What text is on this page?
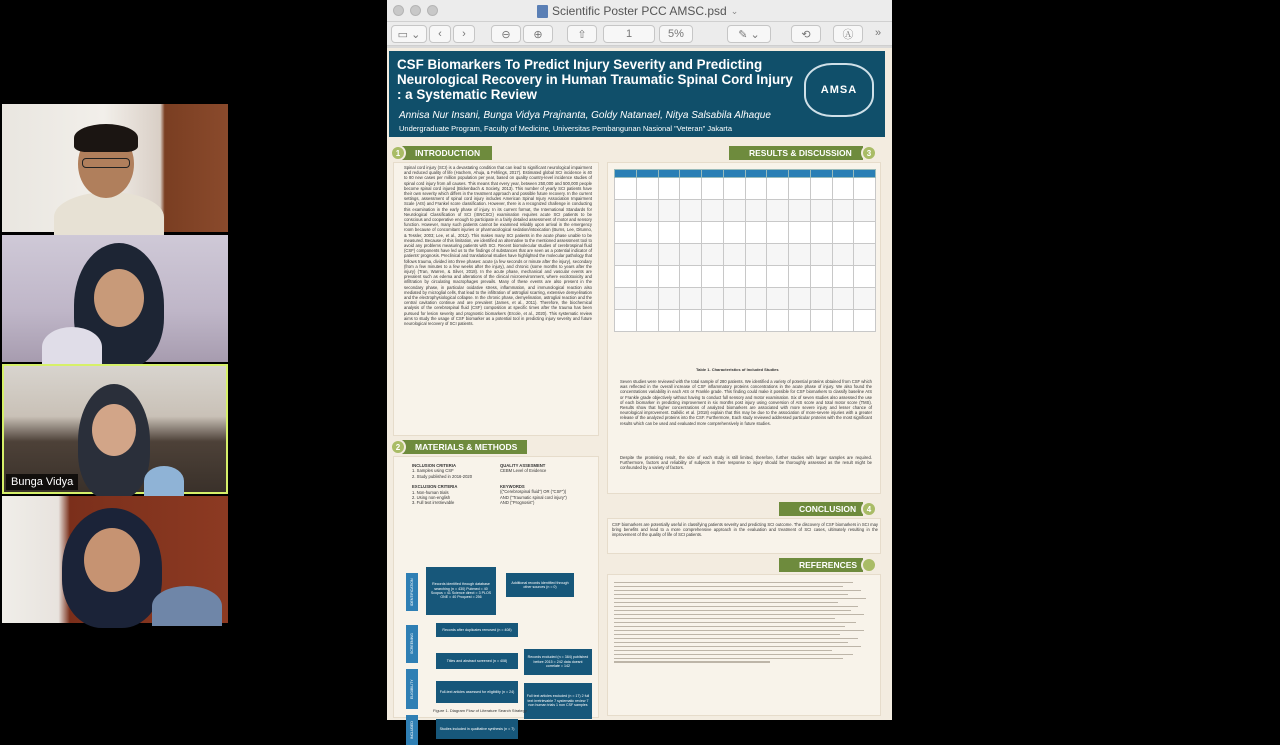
Bunga Vidya
Scientific Poster PCC AMSC.psd ⌄
▭ ⌄	‹	›	⊖	⊕	⇧	1	5%	✎ ⌄	⟲	Ⓐ	»
CSF Biomarkers To Predict Injury Severity and Predicting Neurological Recovery in Human Traumatic Spinal Cord Injury : a Systematic Review
Annisa Nur Insani, Bunga Vidya Prajnanta, Goldy Natanael, Nitya Salsabila Alhaque
Undergraduate Program, Faculty of Medicine, Universitas Pembangunan Nasional "Veteran" Jakarta
AMSA
INTRODUCTION
1
Spinal cord injury (SCI) is a devastating condition that can lead to significant neurological impairment and reduced quality of life (Hachem, Ahuja, & Fehlings, 2017). Estimated global SCI incidence is 40 to 80 new cases per million population per year, based on quality country-level incidence studies of spinal cord injury from all causes. This means that every year, between 250,000 and 500,000 people become spinal cord injured (Bickenbach & Society, 2013). This number of yearly SCI patients have their own severity which differs in the treatment approach and possible future recovery. In the current settings, assessment of spinal cord injury includes American Spinal Injury Association Impairment Scale (AIS) and Frankel score classification. However, there is a recognized challenge in conducting this examination in the early phase of injury. In its current format, the International Standards for Neurological Classification of SCI (ISNCSCI) examination requires acute SCI patients to be conscious and cooperative enough to participate in a fairly detailed assessment of motor and sensory function. However, many such patients cannot be examined reliably upon arrival in the emergency room because of concomitant injuries or pharmacological sedation/intoxication (Burns, Lee, Ditunno, & Tessler, 2003; Lee, et al., 2012). This makes many SCI patients in the acute phase unable to be measured. Because of this limitation, we identified an alternative to the mentioned assessment tool to avoid any problems measuring patients with SCI. Recent biomolecular studies of cerebrospinal fluid (CSF) components have led us to the findings of substances that are seen as a potential indicator of patients' prognosis. Preclinical and translational studies have highlighted the molecular pathology that follows trauma, divided into three phases: acute (a few seconds or minute after the injury), secondary (from a few minutes to a few weeks after the injury), and chronic (some months to years after the injury) (Tran, Warren, & Silver, 2018). In the acute phase, mechanical and vascular events are prevalent such as edema and alterations of the clinical microenvironment, where excitotoxicity and infiltration by circulating macrophages prevails. Many of these events are also present in the secondary phase, in particular oxidative stress, inflammation, and immunological reaction also mediated by microglial cells, that lead to the infiltration of astroglial scarring, extensive demyelination and the electrophysiological collapse. In the chronic phase, demyelination, astroglial reaction and the central cavitation continue and are prevalent (James, et al., 2011). Therefore, the biochemical analysis of the cerebrospinal fluid (CSF) composition at specific times after the trauma has been pursued for lesion severity and prognostic biomarkers (Ercole, et al., 2020). This systematic review aims to study the usage of CSF biomarker as a potential tool in predicting injury severity and future neurological recovery of SCI patients.
MATERIALS & METHODS
2
INCLUSION CRITERIA
1. Samples using CSF
2. Study published in 2016-2020
EXCLUSION CRITERIA
1. Non-human trials
2. Using non-english
3. Full text irretrievable
QUALITY ASSESMENT
CEBM Level of Evidence
KEYWORDS
(("Cerebrospinal fluid") OR ("CSF"))
AND ("Traumatic spinal cord injury")
AND ("Prognosis")
IDENTIFICATION
SCREENING
ELIGIBILITY
INCLUDED
Records identified through database searching (n = 430) Pubmed = 40 Scopus = 41 Science direct = 3 PLOS ONE = 40 Proquest = 256
Additional records identified through other sources (n = 0)
Records after duplicates removed (n = 408)
Titles and abstract screened (n = 408)
Records excluded (n = 384) published before 2015 = 242 data doesnt correlate = 142
Full-text articles assessed for eligibility (n = 24)
Full text articles excluded (n = 17) 2 full text irretrievable 7 systematic review 7 non human trials 1 non CSF samples
Studies included in qualitative synthesis (n = 7)
Figure 1. Diagram Flow of Literature Search Strategy
RESULTS & DISCUSSION	3

Table 1. Characteristics of Included Studies
Seven studies were reviewed with the total sample of 280 patients. We identified a variety of potential proteins obtained from CSF which was reflected in the overall increase of CSF inflammatory proteins concentrations in the acute phase of injury. We also found the concentrations variability in each AIS or Frankle grade. This finding could make it possible for CSF biomarkers to classify baseline AIS or Frankle grade objectively without having to conduct full sensory and motor examination. Six of seven studies also assessed the use of each biomarker in predicting improvement in six months post injury using conversion of AIS score and total motor score (TMS). Results show that higher concentrations of analyzed biomarkers are associated with more severe injury and lesser chance of neurological improvement. Dalkilic et al. (2018) explain that this may be due to the association of more-severe injuries with a greater release of the analyzed proteins into the CSF. Furthermore, Each study reviewed addressed particular proteins with the most significant results which can be used and evaluated more comprehensively in future studies.
Despite the promising result, the size of each study is still limited, therefore, further studies with larger samples are required. Furthermore, factors and reliability of subjects in their response to injury should be thoroughly assessed as the result might be confounded by a variety of factors.
CONCLUSION	4
CSF biomarkers are potentially useful in classifying patients severity and predicting SCI outcome. The discovery of CSF biomarkers in SCI may bring benefits and lead to a more comprehensive approach in the evaluation and treatment of SCI cases, ultimately resulting in the improvement of the quality of life of SCI patients.
REFERENCES
